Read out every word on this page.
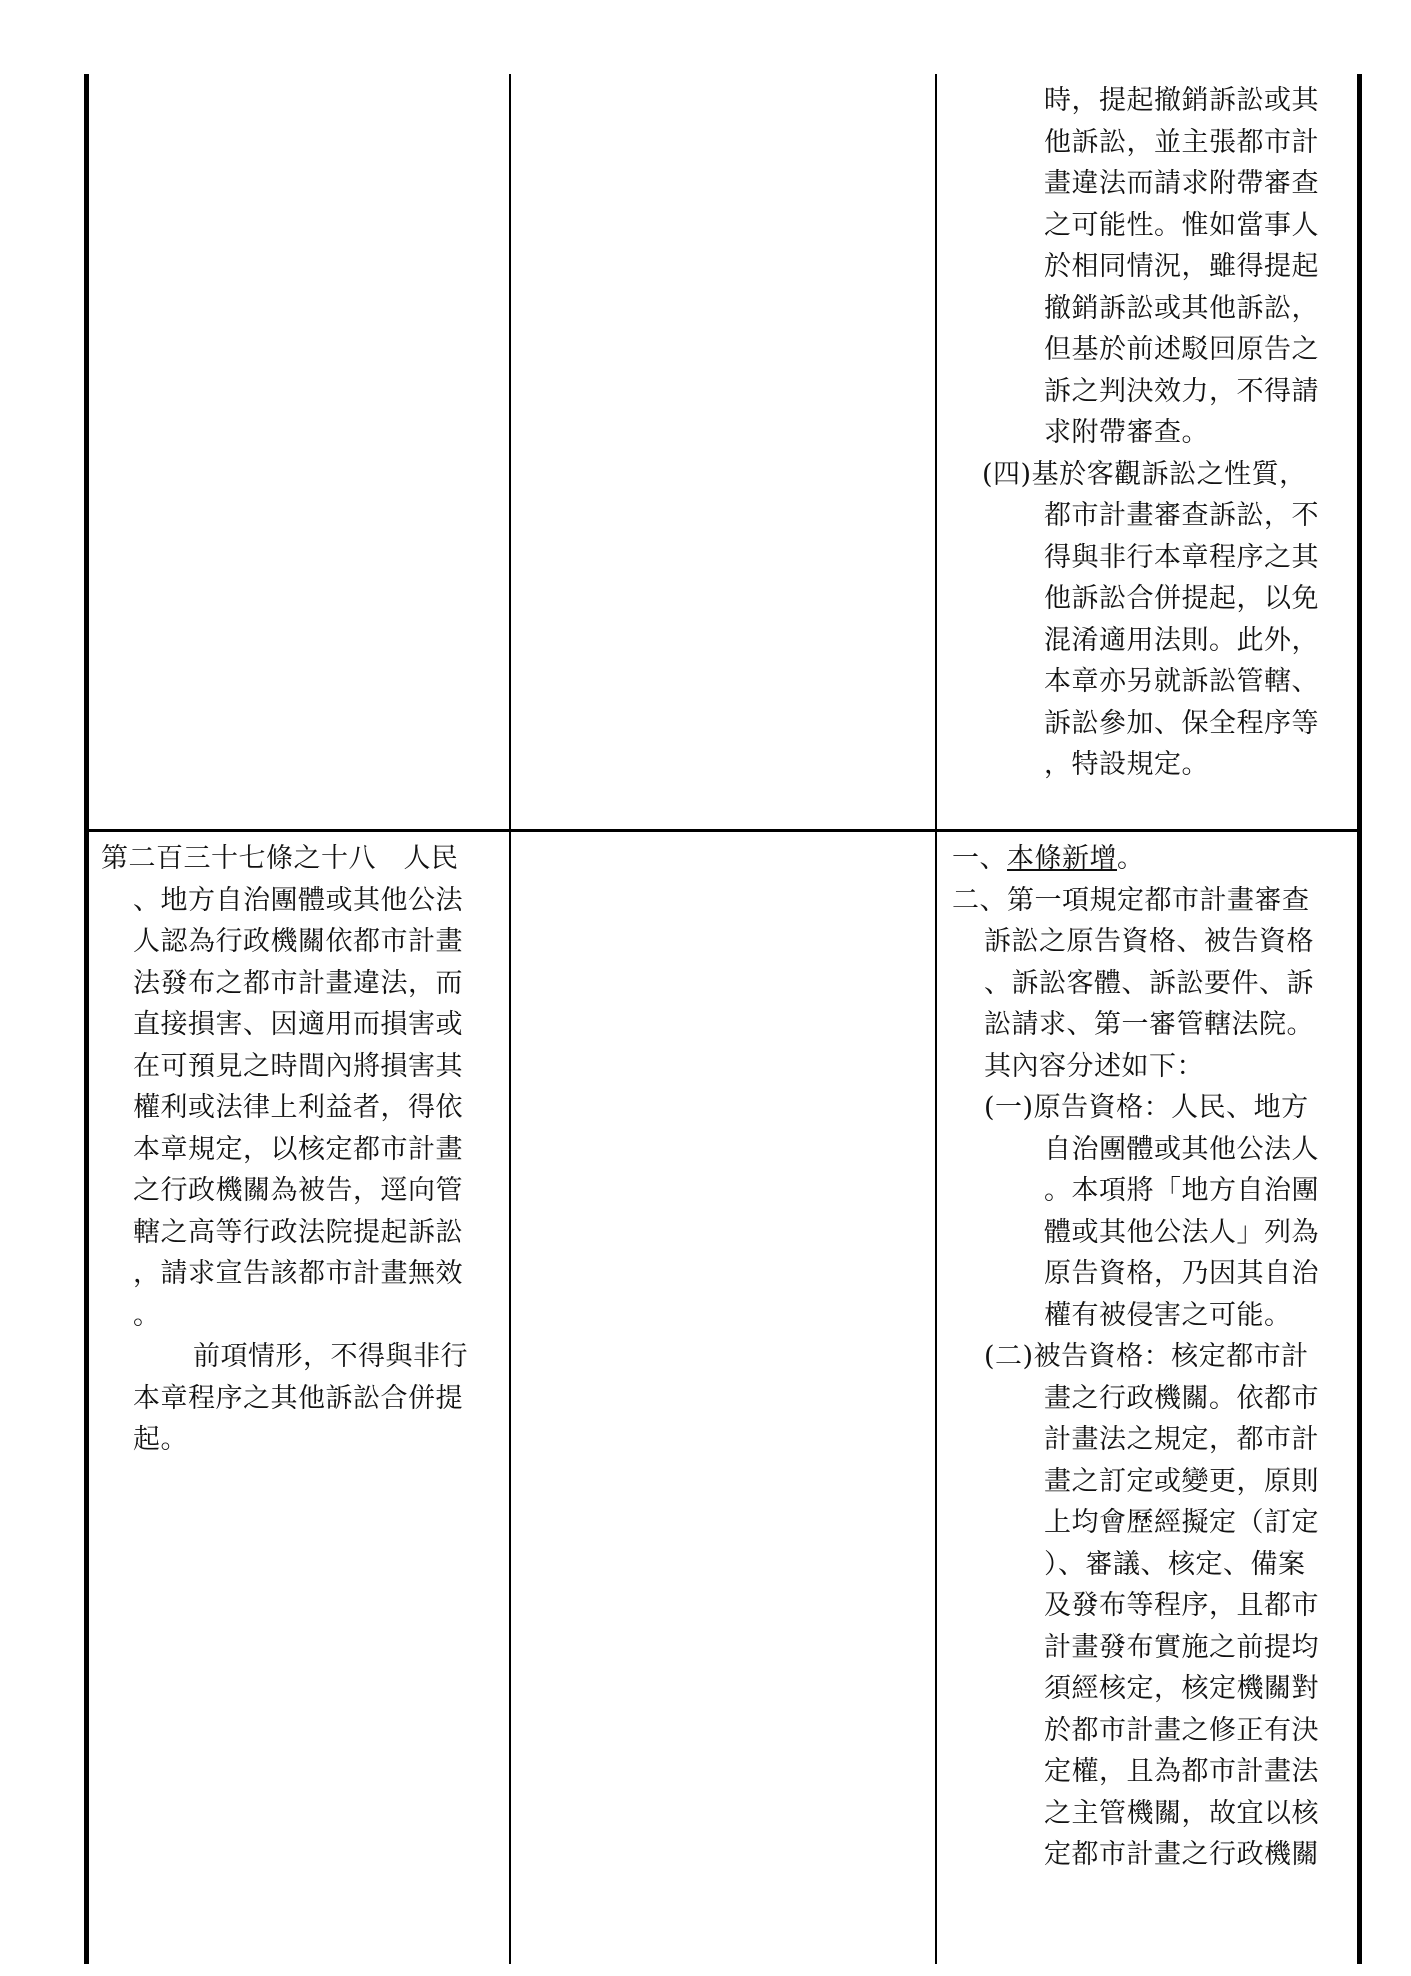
時，提起撤銷訴訟或其
他訴訟，並主張都市計
畫違法而請求附帶審查
之可能性。惟如當事人
於相同情況，雖得提起
撤銷訴訟或其他訴訟，
但基於前述駁回原告之
訴之判決效力，不得請
求附帶審查。
(四)基於客觀訴訟之性質，
都市計畫審查訴訟，不
得與非行本章程序之其
他訴訟合併提起，以免
混淆適用法則。此外，
本章亦另就訴訟管轄、
訴訟參加、保全程序等
，特設規定。
第二百三十七條之十八　人民
、地方自治團體或其他公法
人認為行政機關依都市計畫
法發布之都市計畫違法，而
直接損害、因適用而損害或
在可預見之時間內將損害其
權利或法律上利益者，得依
本章規定，以核定都市計畫
之行政機關為被告，逕向管
轄之高等行政法院提起訴訟
，請求宣告該都市計畫無效
。
前項情形，不得與非行
本章程序之其他訴訟合併提
起。
一、本條新增。
二、第一項規定都市計畫審查
訴訟之原告資格、被告資格
、訴訟客體、訴訟要件、訴
訟請求、第一審管轄法院。
其內容分述如下：
(一)原告資格：人民、地方
自治團體或其他公法人
。本項將「地方自治團
體或其他公法人」列為
原告資格，乃因其自治
權有被侵害之可能。
(二)被告資格：核定都市計
畫之行政機關。依都市
計畫法之規定，都市計
畫之訂定或變更，原則
上均會歷經擬定（訂定
）、審議、核定、備案
及發布等程序，且都市
計畫發布實施之前提均
須經核定，核定機關對
於都市計畫之修正有決
定權，且為都市計畫法
之主管機關，故宜以核
定都市計畫之行政機關
